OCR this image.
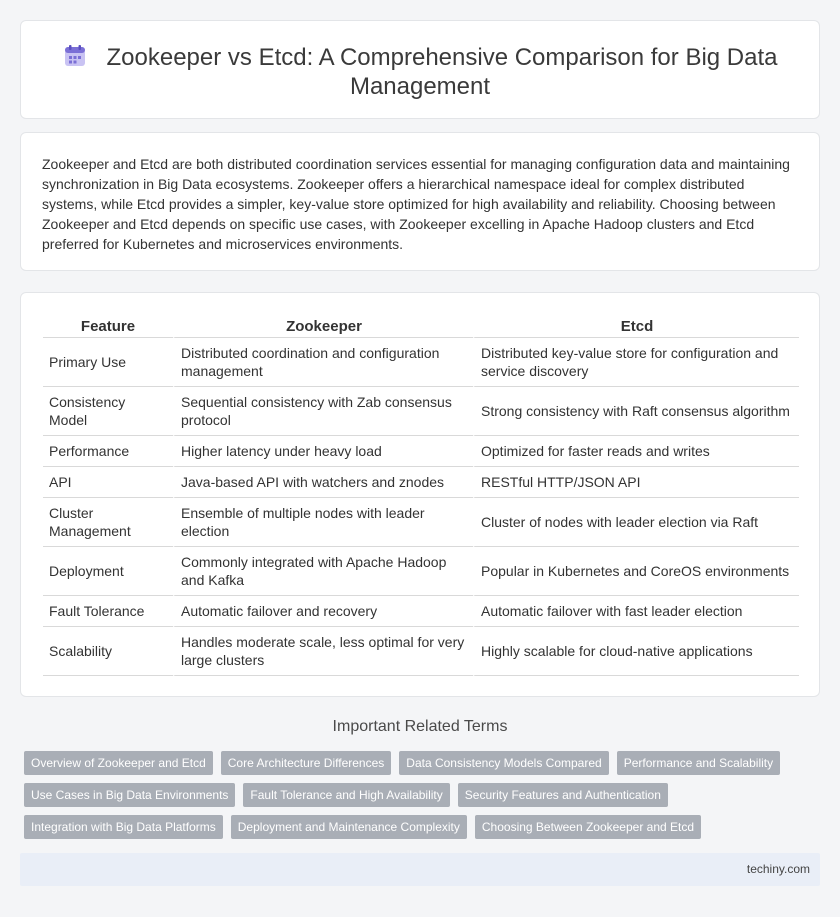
Zookeeper vs Etcd: A Comprehensive Comparison for Big Data Management

Zookeeper and Etcd are both distributed coordination services essential for managing configuration data and maintaining synchronization in Big Data ecosystems. Zookeeper offers a hierarchical namespace ideal for complex distributed systems, while Etcd provides a simpler, key-value store optimized for high availability and reliability. Choosing between Zookeeper and Etcd depends on specific use cases, with Zookeeper excelling in Apache Hadoop clusters and Etcd preferred for Kubernetes and microservices environments.

Feature	Zookeeper	Etcd
Primary Use	Distributed coordination and configuration management	Distributed key-value store for configuration and service discovery
Consistency Model	Sequential consistency with Zab consensus protocol	Strong consistency with Raft consensus algorithm
Performance	Higher latency under heavy load	Optimized for faster reads and writes
API	Java-based API with watchers and znodes	RESTful HTTP/JSON API
Cluster Management	Ensemble of multiple nodes with leader election	Cluster of nodes with leader election via Raft
Deployment	Commonly integrated with Apache Hadoop and Kafka	Popular in Kubernetes and CoreOS environments
Fault Tolerance	Automatic failover and recovery	Automatic failover with fast leader election
Scalability	Handles moderate scale, less optimal for very large clusters	Highly scalable for cloud-native applications
Important Related Terms
Overview of Zookeeper and Etcd	Core Architecture Differences	Data Consistency Models Compared	Performance and Scalability
Use Cases in Big Data Environments	Fault Tolerance and High Availability	Security Features and Authentication
Integration with Big Data Platforms	Deployment and Maintenance Complexity	Choosing Between Zookeeper and Etcd
techiny.com
